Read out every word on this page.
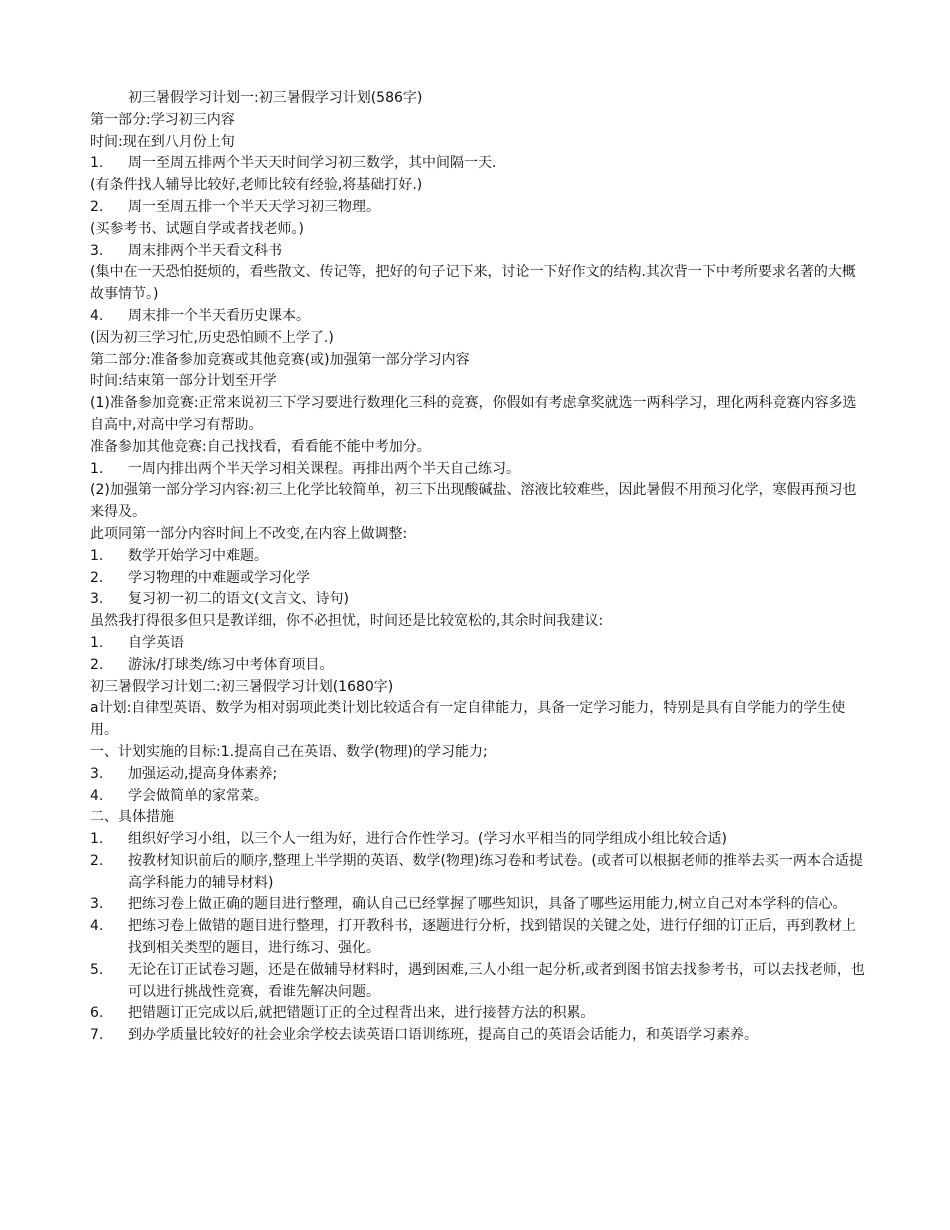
初三暑假学习计划一:初三暑假学习计划(586字)

第一部分:学习初三内容

时间:现在到八月份上旬

1.	周一至周五排两个半天天时间学习初三数学，其中间隔一天.

(有条件找人辅导比较好,老师比较有经验,将基础打好.)

2.	周一至周五排一个半天天学习初三物理。

(买参考书、试题自学或者找老师。)

3.	周末排两个半天看文科书

(集中在一天恐怕挺烦的，看些散文、传记等，把好的句子记下来，讨论一下好作文的结构.其次背一下中考所要求名著的大概故事情节。)

4.	周末排一个半天看历史课本。

(因为初三学习忙,历史恐怕顾不上学了.)

第二部分:准备参加竞赛或其他竞赛(或)加强第一部分学习内容

时间:结束第一部分计划至开学

(1)准备参加竞赛:正常来说初三下学习要进行数理化三科的竞赛，你假如有考虑拿奖就选一两科学习，理化两科竞赛内容多选自高中,对高中学习有帮助。

准备参加其他竞赛:自己找找看，看看能不能中考加分。

1.	一周内排出两个半天学习相关课程。再排出两个半天自己练习。

(2)加强第一部分学习内容:初三上化学比较简单，初三下出现酸碱盐、溶液比较难些，因此暑假不用预习化学，寒假再预习也来得及。

此项同第一部分内容时间上不改变,在内容上做调整:

1.	数学开始学习中难题。
2.	学习物理的中难题或学习化学
3.	复习初一初二的语文(文言文、诗句)

虽然我打得很多但只是教详细，你不必担忧，时间还是比较宽松的,其余时间我建议:

1.	自学英语
2.	游泳/打球类/练习中考体育项目。

初三暑假学习计划二:初三暑假学习计划(1680字)

a计划:自律型英语、数学为相对弱项此类计划比较适合有一定自律能力，具备一定学习能力，特别是具有自学能力的学生使用。

一、计划实施的目标:1.提高自己在英语、数学(物理)的学习能力;

3.	加强运动,提高身体素养;
4.	学会做简单的家常菜。

二、具体措施

1.	组织好学习小组，以三个人一组为好，进行合作性学习。(学习水平相当的同学组成小组比较合适)
2.	按教材知识前后的顺序,整理上半学期的英语、数学(物理)练习卷和考试卷。(或者可以根据老师的推举去买一两本合适提高学科能力的辅导材料)
3.	把练习卷上做正确的题目进行整理，确认自己已经掌握了哪些知识，具备了哪些运用能力,树立自己对本学科的信心。
4.	把练习卷上做错的题目进行整理，打开教科书，逐题进行分析，找到错误的关键之处，进行仔细的订正后，再到教材上找到相关类型的题目，进行练习、强化。
5.	无论在订正试卷习题，还是在做辅导材料时，遇到困难,三人小组一起分析,或者到图书馆去找参考书，可以去找老师，也可以进行挑战性竞赛，看谁先解决问题。
6.	把错题订正完成以后,就把错题订正的全过程背出来，进行接替方法的积累。
7.	到办学质量比较好的社会业余学校去读英语口语训练班，提高自己的英语会话能力，和英语学习素养。
